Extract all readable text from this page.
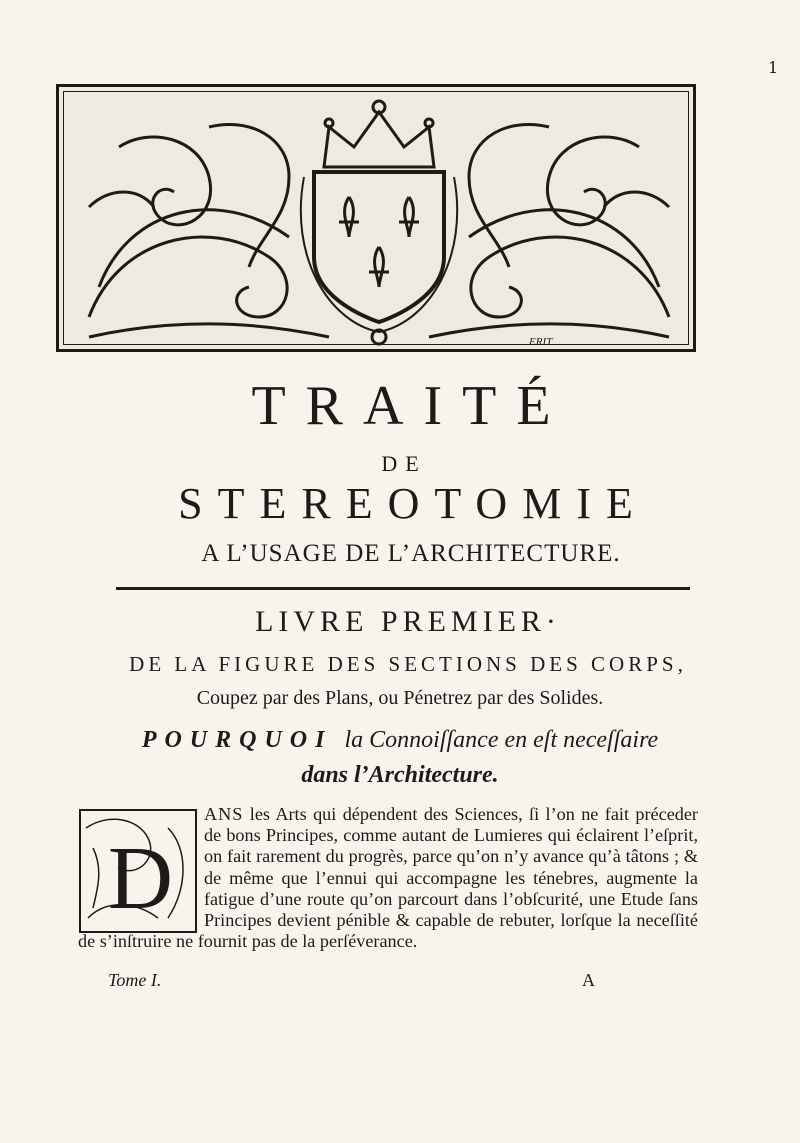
1
ERIT
TRAITÉ
DE
STEREOTOMIE
A L’USAGE DE L’ARCHITECTURE.
LIVRE PREMIER·
DE LA FIGURE DES SECTIONS DES CORPS,
Coupez par des Plans, ou Pénetrez par des Solides.
POURQUOI la Connoiſſance en eſt neceſſaire
dans l’Architecture.
D
ANS les Arts qui dépendent des Sciences, ſi l’on ne fait préceder de bons Principes, comme autant de Lumieres qui éclairent l’eſprit, on fait rarement du progrès, parce qu’on n’y avance qu’à tâtons ; & de même que l’ennui qui accompagne les ténebres, augmente la fatigue d’une route qu’on parcourt dans l’obſcurité, une Etude ſans Principes devient pénible & capable de rebuter, lorſque la neceſſité de s’inſtruire ne fournit pas de la perſéverance.
Tome I.	A
